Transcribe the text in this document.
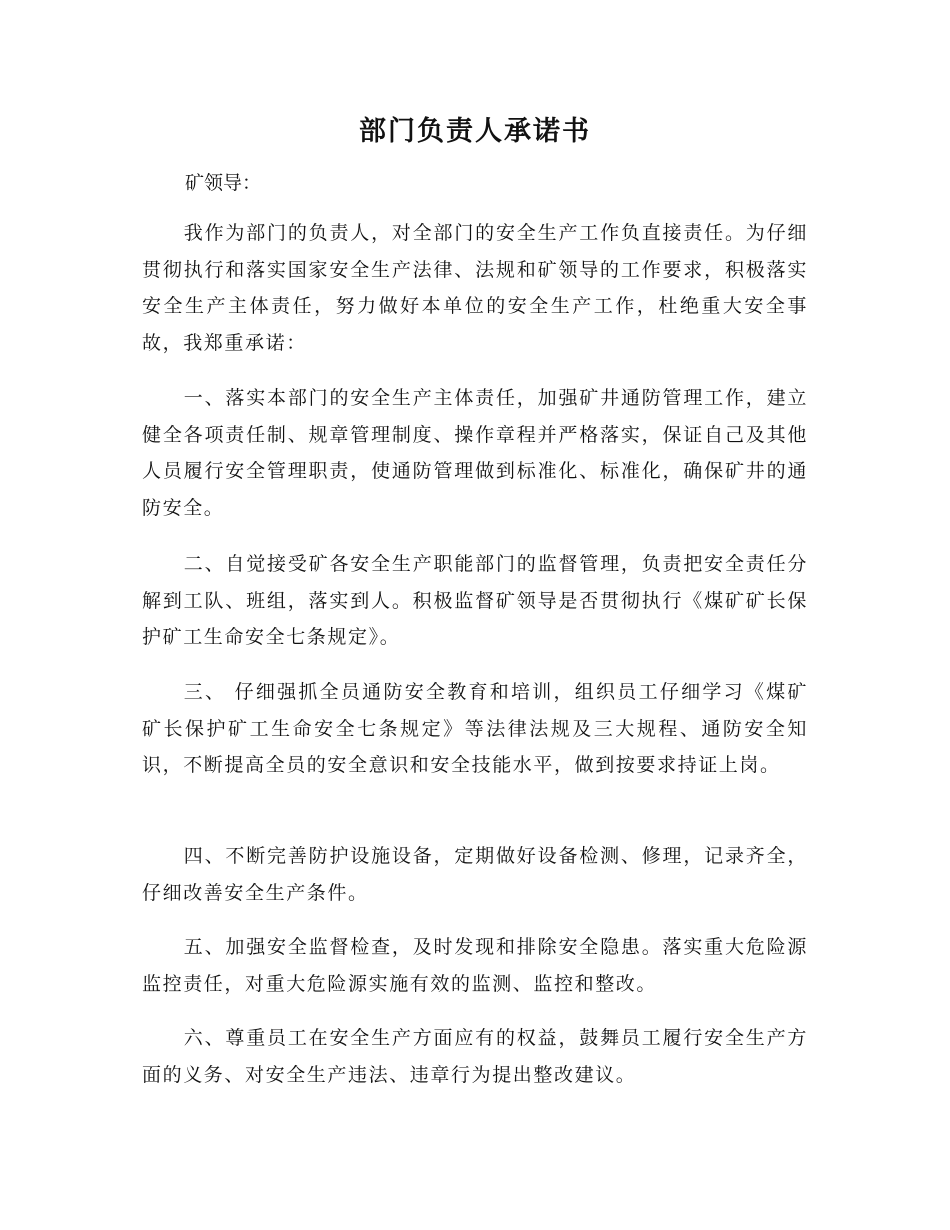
部门负责人承诺书
矿领导：

我作为部门的负责人，对全部门的安全生产工作负直接责任。为仔细贯彻执行和落实国家安全生产法律、法规和矿领导的工作要求，积极落实安全生产主体责任，努力做好本单位的安全生产工作，杜绝重大安全事故，我郑重承诺：

一、落实本部门的安全生产主体责任，加强矿井通防管理工作，建立健全各项责任制、规章管理制度、操作章程并严格落实，保证自己及其他人员履行安全管理职责，使通防管理做到标准化、标准化，确保矿井的通防安全。

二、自觉接受矿各安全生产职能部门的监督管理，负责把安全责任分解到工队、班组，落实到人。积极监督矿领导是否贯彻执行《煤矿矿长保护矿工生命安全七条规定》。

三、 仔细强抓全员通防安全教育和培训，组织员工仔细学习《煤矿矿长保护矿工生命安全七条规定》等法律法规及三大规程、通防安全知识，不断提高全员的安全意识和安全技能水平，做到按要求持证上岗。

四、不断完善防护设施设备，定期做好设备检测、修理，记录齐全，仔细改善安全生产条件。

五、加强安全监督检查，及时发现和排除安全隐患。落实重大危险源监控责任，对重大危险源实施有效的监测、监控和整改。

六、尊重员工在安全生产方面应有的权益，鼓舞员工履行安全生产方面的义务、对安全生产违法、违章行为提出整改建议。
